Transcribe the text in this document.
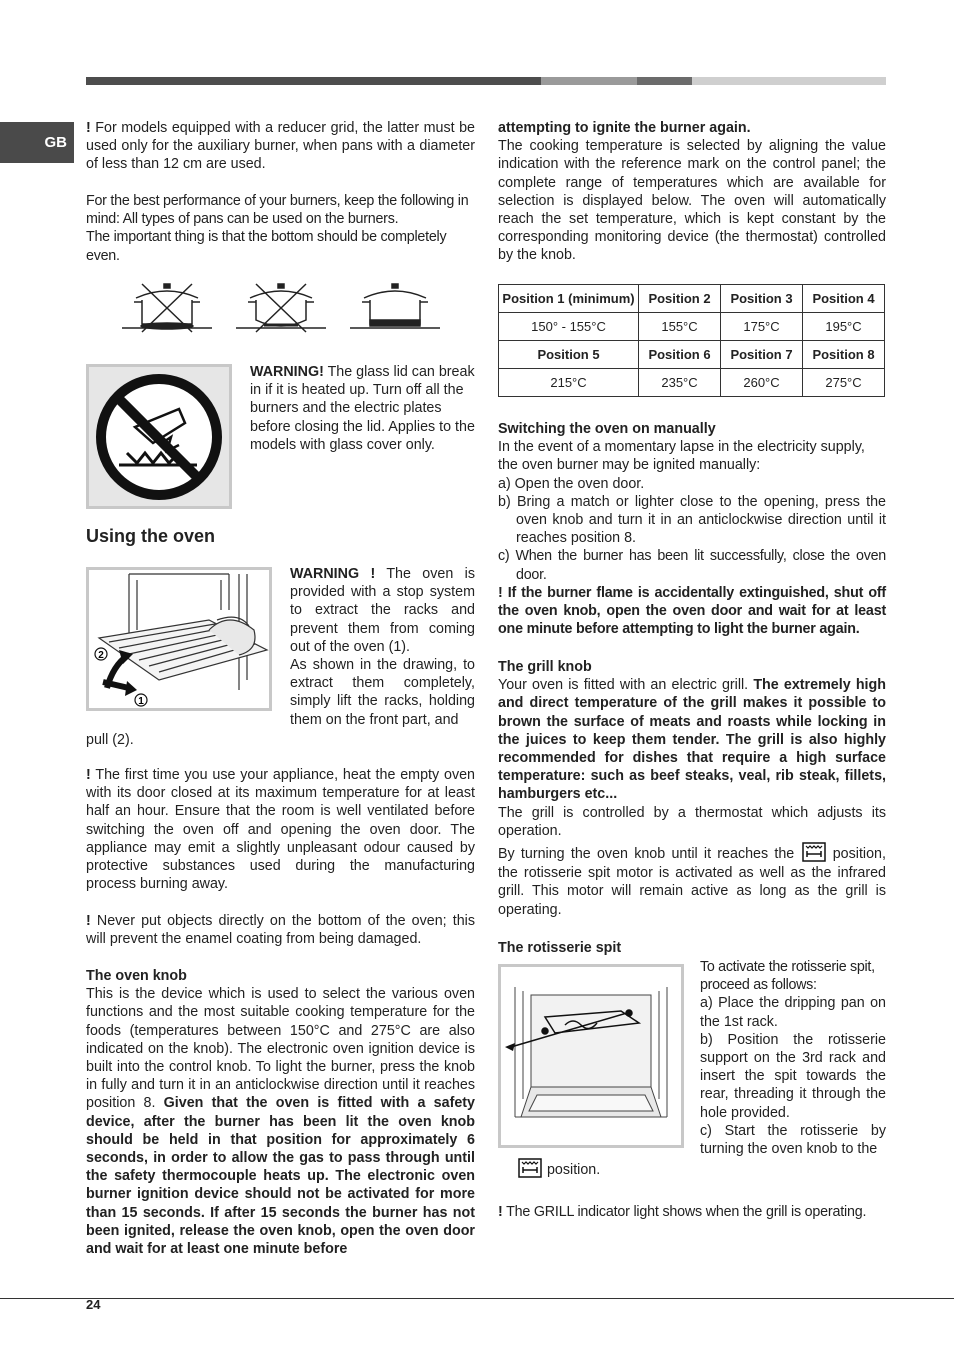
GB

! For models equipped with a reducer grid, the latter must be used only for the auxiliary burner, when pans with a diameter of less than 12 cm are used.

For the best performance of your burners, keep the following in mind: All types of pans can be used on the burners.

The important thing is that the bottom should be completely even.

WARNING! The glass lid can break in if it is heated up. Turn off all the burners and the electric plates before closing the lid. Applies to the models with glass cover only.

Using the oven

2
1

WARNING ! The oven is provided with a stop system to extract the racks and prevent them from coming out of the oven (1).

As shown in the drawing, to extract them completely, simply lift the racks, holding them on the front part, and

pull (2).

! The first time you use your appliance, heat the empty oven with its door closed at its maximum temperature for at least half an hour. Ensure that the room is well ventilated before switching the oven off and opening the oven door. The appliance may emit a slightly unpleasant odour caused by protective substances used during the manufacturing process burning away.

! Never put objects directly on the bottom of the oven; this will prevent the enamel coating from being damaged.

The oven knob

This is the device which is used to select the various oven functions and the most suitable cooking temperature for the foods (temperatures between 150°C and 275°C are also indicated on the knob). The electronic oven ignition device is built into the control knob. To light the burner, press the knob in fully and turn it in an anticlockwise direction until it reaches position 8. Given that the oven is fitted with a safety device, after the burner has been lit the oven knob should be held in that position for approximately 6 seconds, in order to allow the gas to pass through until the safety thermocouple heats up. The electronic oven burner ignition device should not be activated for more than 15 seconds. If after 15 seconds the burner has not been ignited, release the oven knob, open the oven door and wait for at least one minute before

attempting to ignite the burner again.

The cooking temperature is selected by aligning the value indication with the reference mark on the control panel; the complete range of temperatures which are available for selection is displayed below. The oven will automatically reach the set temperature, which is kept constant by the corresponding monitoring device (the thermostat) controlled by the knob.

Position 1 (minimum)	Position 2	Position 3	Position 4
150° - 155°C	155°C	175°C	195°C
Position 5	Position 6	Position 7	Position 8
215°C	235°C	260°C	275°C

Switching the oven on manually

In the event of a momentary lapse in the electricity supply, the oven burner may be ignited manually:

a) Open the oven door.

b) Bring a match or lighter close to the opening, press the oven knob and turn it in an anticlockwise direction until it reaches position 8.

c) When the burner has been lit successfully, close the oven door.

! If the burner flame is accidentally extinguished, shut off the oven knob, open the oven door and wait for at least one minute before attempting to light the burner again.

The grill knob

Your oven is fitted with an electric grill. The extremely high and direct temperature of the grill makes it possible to brown the surface of meats and roasts while locking in the juices to keep them tender. The grill is also highly recommended for dishes that require a high surface temperature: such as beef steaks, veal, rib steak, fillets, hamburgers etc...

The grill is controlled by a thermostat which adjusts its operation.

By turning the oven knob until it reaches the  position, the rotisserie spit motor is activated as well as the infrared grill. This motor will remain active as long as the grill is operating.

The rotisserie spit

To activate the rotisserie spit, proceed as follows:

a) Place the dripping pan on the 1st rack.

b) Position the rotisserie support on the 3rd rack and insert the spit towards the rear, threading it through the hole provided.

c) Start the rotisserie by turning the oven knob to the

position.

! The GRILL indicator light shows when the grill is operating.

24
